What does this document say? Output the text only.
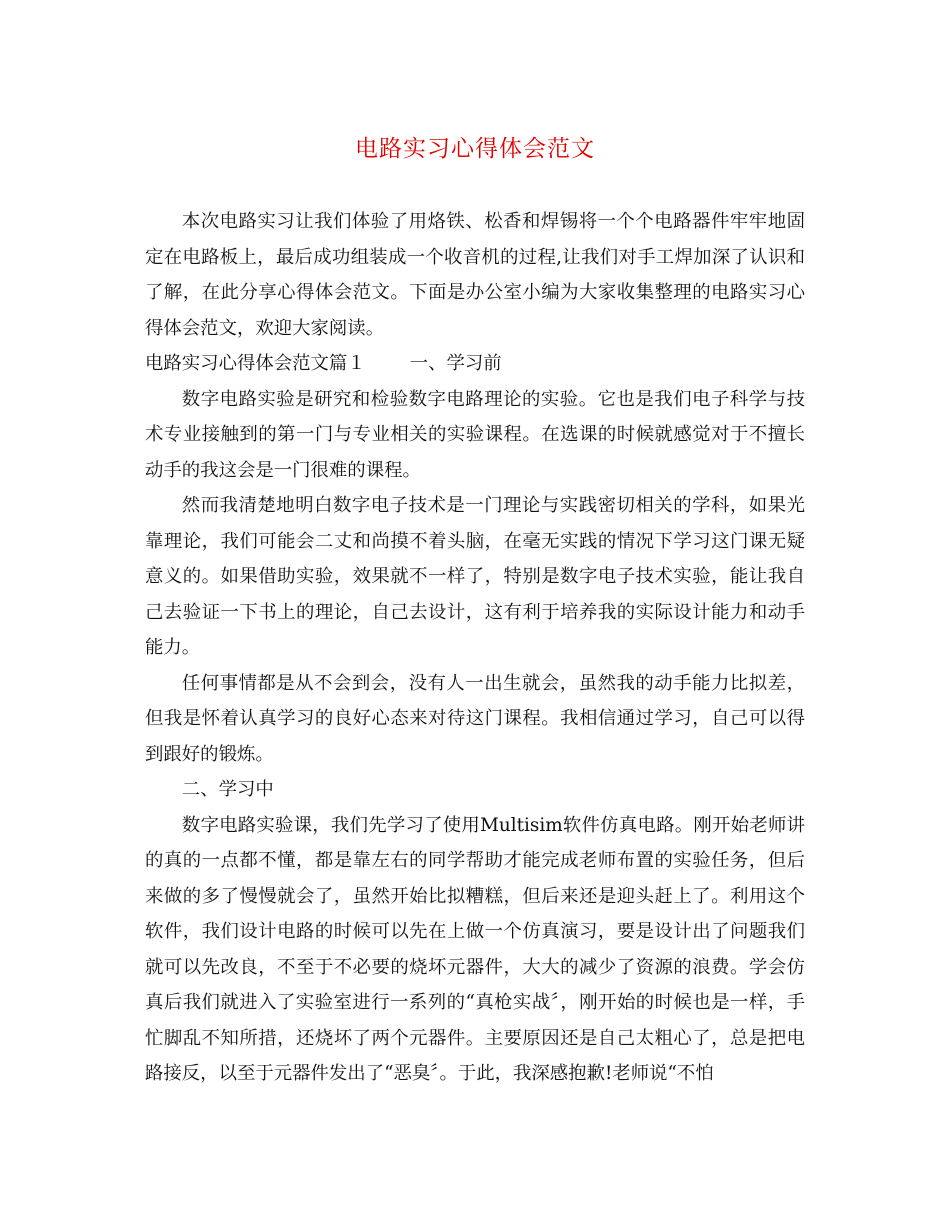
电路实习心得体会范文

本次电路实习让我们体验了用烙铁、松香和焊锡将一个个电路器件牢牢地固定在电路板上，最后成功组装成一个收音机的过程,让我们对手工焊加深了认识和了解，在此分享心得体会范文。下面是办公室小编为大家收集整理的电路实习心得体会范文，欢迎大家阅读。

电路实习心得体会范文篇１ 一、学习前

数字电路实验是研究和检验数字电路理论的实验。它也是我们电子科学与技术专业接触到的第一门与专业相关的实验课程。在选课的时候就感觉对于不擅长动手的我这会是一门很难的课程。

然而我清楚地明白数字电子技术是一门理论与实践密切相关的学科，如果光靠理论，我们可能会二丈和尚摸不着头脑，在毫无实践的情况下学习这门课无疑意义的。如果借助实验，效果就不一样了，特别是数字电子技术实验，能让我自己去验证一下书上的理论，自己去设计，这有利于培养我的实际设计能力和动手能力。

任何事情都是从不会到会，没有人一出生就会，虽然我的动手能力比拟差，但我是怀着认真学习的良好心态来对待这门课程。我相信通过学习，自己可以得到跟好的锻炼。

二、学习中

数字电路实验课，我们先学习了使用Multisim软件仿真电路。刚开始老师讲的真的一点都不懂，都是靠左右的同学帮助才能完成老师布置的实验任务，但后来做的多了慢慢就会了，虽然开始比拟糟糕，但后来还是迎头赶上了。利用这个软件，我们设计电路的时候可以先在上做一个仿真演习，要是设计出了问题我们就可以先改良，不至于不必要的烧坏元器件，大大的减少了资源的浪费。学会仿真后我们就进入了实验室进行一系列的“真枪实战〞，刚开始的时候也是一样，手忙脚乱不知所措，还烧坏了两个元器件。主要原因还是自己太粗心了，总是把电路接反，以至于元器件发出了“恶臭〞。于此，我深感抱歉!老师说“不怕
